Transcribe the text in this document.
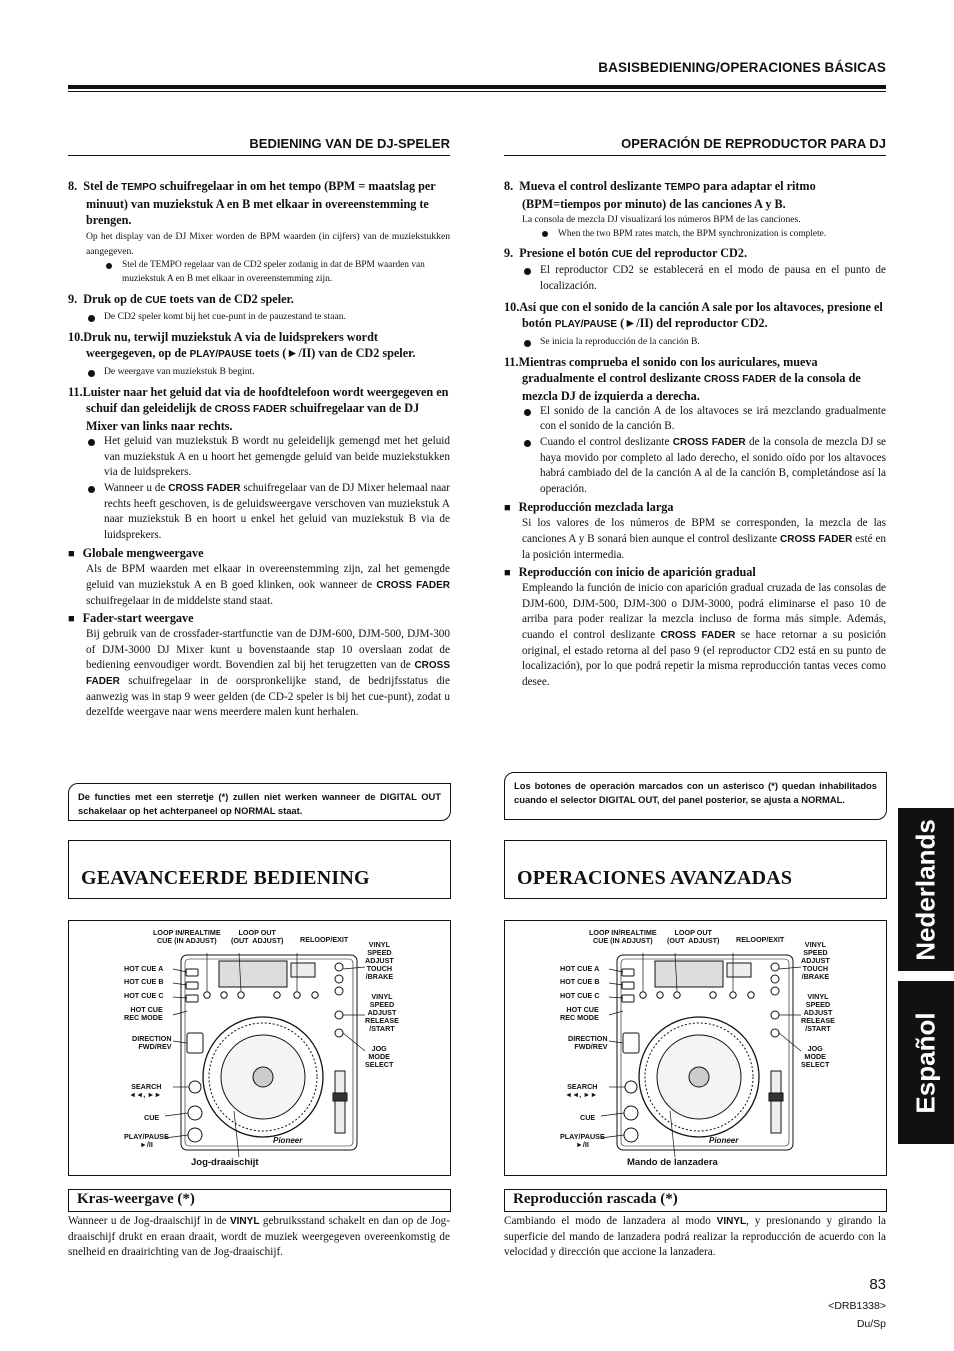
BASISBEDIENING/OPERACIONES BÁSICAS
Nederlands
Español
BEDIENING VAN DE DJ-SPELER

8. Stel de TEMPO schuifregelaar in om het tempo (BPM = maatslag per minuut) van muziekstuk A en B met elkaar in overeenstemming te brengen.

Op het display van de DJ Mixer worden de BPM waarden (in cijfers) van de muziekstukken aangegeven.

Stel de TEMPO regelaar van de CD2 speler zodanig in dat de BPM waarden van muziekstuk A en B met elkaar in overeenstemming zijn.

9. Druk op de CUE toets van de CD2 speler.

De CD2 speler komt bij het cue-punt in de pauzestand te staan.

10.Druk nu, terwijl muziekstuk A via de luidsprekers wordt weergegeven, op de PLAY/PAUSE toets (►/II) van de CD2 speler.

De weergave van muziekstuk B begint.

11.Luister naar het geluid dat via de hoofdtelefoon wordt weergegeven en schuif dan geleidelijk de CROSS FADER schuifregelaar van de DJ Mixer van links naar rechts.

Het geluid van muziekstuk B wordt nu geleidelijk gemengd met het geluid van muziekstuk A en u hoort het gemengde geluid van beide muziekstukken via de luidsprekers.

Wanneer u de CROSS FADER schuifregelaar van de DJ Mixer helemaal naar rechts heeft geschoven, is de geluidsweergave verschoven van muziekstuk A naar muziekstuk B en hoort u enkel het geluid van muziekstuk B via de luidsprekers.

■ Globale mengweergave

Als de BPM waarden met elkaar in overeenstemming zijn, zal het gemengde geluid van muziekstuk A en B goed klinken, ook wanneer de CROSS FADER schuifregelaar in de middelste stand staat.

■ Fader-start weergave

Bij gebruik van de crossfader-startfunctie van de DJM-600, DJM-500, DJM-300 of DJM-3000 DJ Mixer kunt u bovenstaande stap 10 overslaan zodat de bediening eenvoudiger wordt. Bovendien zal bij het terugzetten van de CROSS FADER schuifregelaar in de oorspronkelijke stand, de bedrijfsstatus die aanwezig was in stap 9 weer gelden (de CD-2 speler is bij het cue-punt), zodat u dezelfde weergave naar wens meerdere malen kunt herhalen.

OPERACIÓN DE REPRODUCTOR PARA DJ

8. Mueva el control deslizante TEMPO para adaptar el ritmo (BPM=tiempos por minuto) de las canciones A y B.

La consola de mezcla DJ visualizará los números BPM de las canciones.

When the two BPM rates match, the BPM synchronization is complete.

9. Presione el botón CUE del reproductor CD2.

El reproductor CD2 se establecerá en el modo de pausa en el punto de localización.

10.Así que con el sonido de la canción A sale por los altavoces, presione el botón PLAY/PAUSE (►/II) del reproductor CD2.

Se inicia la reproducción de la canción B.

11.Mientras comprueba el sonido con los auriculares, mueva gradualmente el control deslizante CROSS FADER de la consola de mezcla DJ de izquierda a derecha.

El sonido de la canción A de los altavoces se irá mezclando gradualmente con el sonido de la canción B.

Cuando el control deslizante CROSS FADER de la consola de mezcla DJ se haya movido por completo al lado derecho, el sonido oído por los altavoces habrá cambiado del de la canción A al de la canción B, completándose así la operación.

■ Reproducción mezclada larga

Si los valores de los números de BPM se corresponden, la mezcla de las canciones A y B sonará bien aunque el control deslizante CROSS FADER esté en la posición intermedia.

■ Reproducción con inicio de aparición gradual

Empleando la función de inicio con aparición gradual cruzada de las consolas de DJM-600, DJM-500, DJM-300 o DJM-3000, podrá eliminarse el paso 10 de arriba para poder realizar la mezcla incluso de forma más simple. Además, cuando el control deslizante CROSS FADER se hace retornar a su posición original, el estado retorna al del paso 9 (el reproductor CD2 está en su punto de localización), por lo que podrá repetir la misma reproducción tantas veces como desee.

De functies met een sterretje (*) zullen niet werken wanneer de DIGITAL OUT schakelaar op het achterpaneel op NORMAL staat.
Los botones de operación marcados con un asterisco (*) quedan inhabilitados cuando el selector DIGITAL OUT, del panel posterior, se ajusta a NORMAL.
GEAVANCEERDE BEDIENING	OPERACIONES AVANZADAS
Pioneer
LOOP IN/REALTIME
CUE (IN ADJUST)
LOOP OUT
(OUT  ADJUST) RELOOP/EXIT
HOT CUE A
HOT CUE B
HOT CUE C
HOT CUE
REC MODE
DIRECTION
FWD/REV
SEARCH
◄◄, ►►
CUE
PLAY/PAUSE
►/II
VINYL
SPEED
ADJUST
TOUCH
/BRAKE
VINYL
SPEED
ADJUST
RELEASE
/START
JOG
MODE
SELECT
Jog-draaischijt
Pioneer
LOOP IN/REALTIME
CUE (IN ADJUST)
LOOP OUT
(OUT  ADJUST) RELOOP/EXIT
HOT CUE A
HOT CUE B
HOT CUE C
HOT CUE
REC MODE
DIRECTION
FWD/REV
SEARCH
◄◄, ►►
CUE
PLAY/PAUSE
►/II
VINYL
SPEED
ADJUST
TOUCH
/BRAKE
VINYL
SPEED
ADJUST
RELEASE
/START
JOG
MODE
SELECT
Mando de lanzadera
Kras-weergave (*)	Reproducción rascada (*)
Wanneer u de Jog-draaischijf in de VINYL gebruiksstand schakelt en dan op de Jog-draaischijf drukt en eraan draait, wordt de muziek weergegeven overeenkomstig de snelheid en draairichting van de Jog-draaischijf.
Cambiando el modo de lanzadera al modo VINYL, y presionando y girando la superficie del mando de lanzadera podrá realizar la reproducción de acuerdo con la velocidad y dirección que accione la lanzadera.
83
<DRB1338>
Du/Sp
